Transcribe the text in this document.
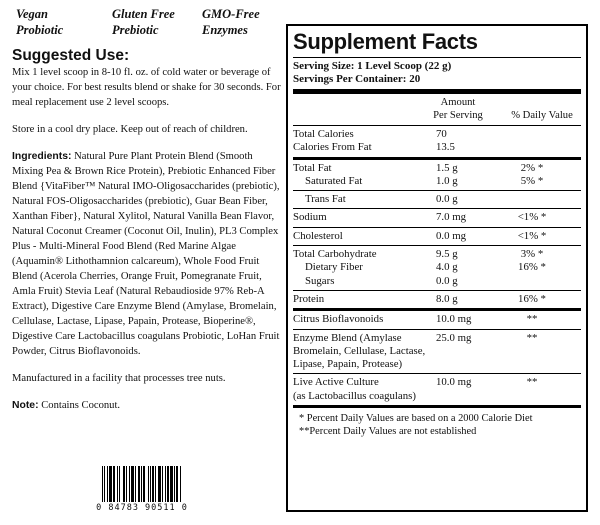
Vegan
Probiotic
Gluten Free
Prebiotic
GMO-Free
Enzymes
Suggested Use:

Mix 1 level scoop in 8-10 fl. oz. of cold water or beverage of your choice. For best results blend or shake for 30 seconds. For meal replacement use 2 level scoops.

Store in a cool dry place. Keep out of reach of children.

Ingredients: Natural Pure Plant Protein Blend (Smooth Mixing Pea & Brown Rice Protein), Prebiotic Enhanced Fiber Blend {VitaFiber™ Natural IMO-Oligosaccharides (prebiotic), Natural FOS-Oligosaccharides (prebiotic), Guar Bean Fiber, Xanthan Fiber}, Natural Xylitol, Natural Vanilla Bean Flavor, Natural Coconut Creamer (Coconut Oil, Inulin), PL3 Complex Plus - Multi-Mineral Food Blend (Red Marine Algae (Aquamin® Lithothamnion calcareum), Whole Food Fruit Blend (Acerola Cherries, Orange Fruit, Pomegranate Fruit, Amla Fruit) Stevia Leaf (Natural Rebaudioside 97% Reb-A Extract), Digestive Care Enzyme Blend (Amylase, Bromelain, Cellulase, Lactase, Lipase, Papain, Protease, Bioperine®, Digestive Care Lactobacillus coagulans Probiotic, LoHan Fruit Powder, Citrus Bioflavonoids.

Manufactured in a facility that processes tree nuts.

Note: Contains Coconut.

0 84783 90511 0
Supplement Facts
Serving Size: 1 Level Scoop (22 g)
Servings Per Container: 20
Amount
Per Serving	% Daily Value
Total Calories	70
Calories From Fat	13.5
Total Fat	1.5 g	2% *
Saturated Fat	1.0 g	5% *
Trans Fat	0.0 g
Sodium	7.0 mg	<1% *
Cholesterol	0.0 mg	<1% *
Total Carbohydrate	9.5 g	3% *
Dietary Fiber	4.0 g	16% *
Sugars	0.0 g
Protein	8.0 g	16% *
Citrus Bioflavonoids	10.0 mg	**
Enzyme Blend (Amylase	25.0 mg	**
Bromelain, Cellulase, Lactase,
Lipase, Papain, Protease)
Live Active Culture	10.0 mg	**
(as Lactobacillus coagulans)
* Percent Daily Values are based on a 2000 Calorie Diet
**Percent Daily Values are not established
